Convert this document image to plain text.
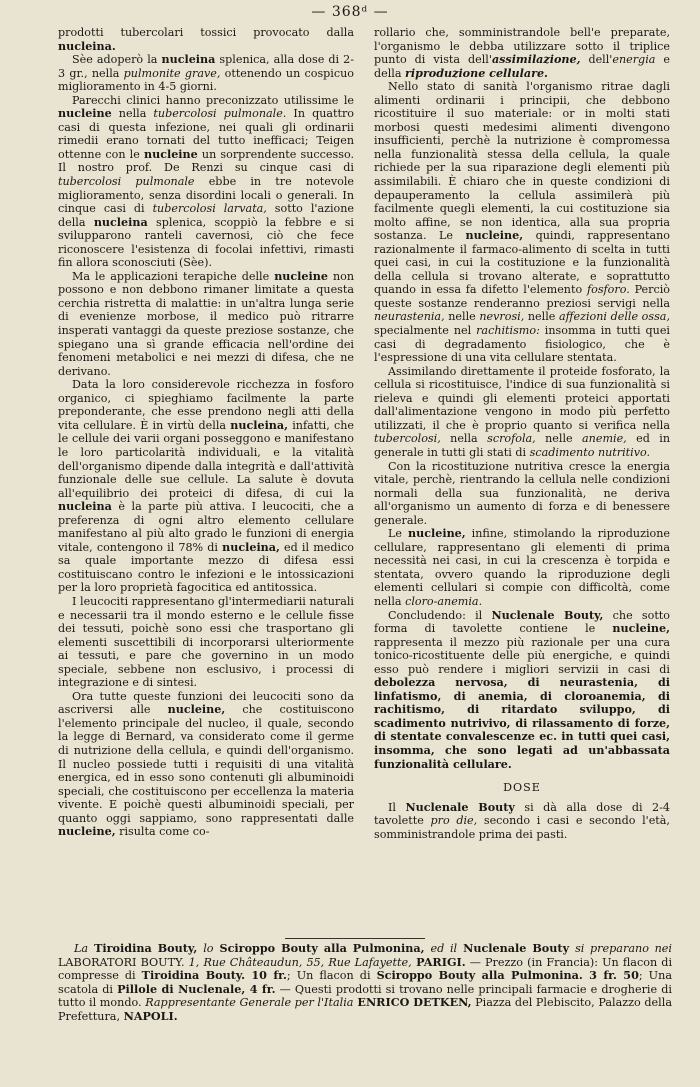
— 368ᵈ —

prodotti tubercolari tossici provocato dalla nucleina.

Sèe adoperò la nucleina splenica, alla dose di 2-3 gr., nella pulmonite grave, ottenendo un cospicuo miglioramento in 4-5 giorni.

Parecchi clinici hanno preconizzato utilissime le nucleine nella tubercolosi pulmonale. In quattro casi di questa infezione, nei quali gli ordinarii rimedii erano tornati del tutto inefficaci; Teigen ottenne con le nucleine un sorprendente successo. Il nostro prof. De Renzi su cinque casi di tubercolosi pulmonale ebbe in tre notevole miglioramento, senza disordini locali o generali. In cinque casi di tubercolosi larvata, sotto l'azione della nucleina splenica, scoppiò la febbre e si svilupparono ranteli cavernosi, ciò che fece riconoscere l'esistenza di focolai infettivi, rimasti fin allora sconosciuti (Sèe).

Ma le applicazioni terapiche delle nucleine non possono e non debbono rimaner limitate a questa cerchia ristretta di malattie: in un'altra lunga serie di evenienze morbose, il medico può ritrarre insperati vantaggi da queste preziose sostanze, che spiegano una sì grande efficacia nell'ordine dei fenomeni metabolici e nei mezzi di difesa, che ne derivano.

Data la loro considerevole ricchezza in fosforo organico, ci spieghiamo facilmente la parte preponderante, che esse prendono negli atti della vita cellulare. È in virtù della nucleina, infatti, che le cellule dei varii organi posseggono e manifestano le loro particolarità individuali, e la vitalità dell'organismo dipende dalla integrità e dall'attività funzionale delle sue cellule. La salute è dovuta all'equilibrio dei proteici di difesa, di cui la nucleina è la parte più attiva. I leucociti, che a preferenza di ogni altro elemento cellulare manifestano al più alto grado le funzioni di energia vitale, contengono il 78% di nucleina, ed il medico sa quale importante mezzo di difesa essi costituiscano contro le infezioni e le intossicazioni per la loro proprietà fagocitica ed antitossica.

I leucociti rappresentano gl'intermediarii naturali e necessarii tra il mondo esterno e le cellule fisse dei tessuti, poichè sono essi che trasportano gli elementi suscettibili di incorporarsi ulteriormente ai tessuti, e pare che governino in un modo speciale, sebbene non esclusivo, i processi di integrazione e di sintesi.

Ora tutte queste funzioni dei leucociti sono da ascriversi alle nucleine, che costituiscono l'elemento principale del nucleo, il quale, secondo la legge di Bernard, va considerato come il germe di nutrizione della cellula, e quindi dell'organismo. Il nucleo possiede tutti i requisiti di una vitalità energica, ed in esso sono contenuti gli albuminoidi speciali, che costituiscono per eccellenza la materia vivente. E poichè questi albuminoidi speciali, per quanto oggi sappiamo, sono rappresentati dalle nucleine, risulta come co-

rollario che, somministrandole bell'e preparate, l'organismo le debba utilizzare sotto il triplice punto di vista dell'assimilazione, dell'energia e della riproduzione cellulare.

Nello stato di sanità l'organismo ritrae dagli alimenti ordinarii i principii, che debbono ricostituire il suo materiale: or in molti stati morbosi questi medesimi alimenti divengono insufficienti, perchè la nutrizione è compromessa nella funzionalità stessa della cellula, la quale richiede per la sua riparazione degli elementi più assimilabili. È chiaro che in queste condizioni di depauperamento la cellula assimilerà più facilmente quegli elementi, la cui costituzione sia molto affine, se non identica, alla sua propria sostanza. Le nucleine, quindi, rappresentano razionalmente il farmaco-alimento di scelta in tutti quei casi, in cui la costituzione e la funzionalità della cellula si trovano alterate, e soprattutto quando in essa fa difetto l'elemento fosforo. Perciò queste sostanze renderanno preziosi servigi nella neurastenia, nelle nevrosi, nelle affezioni delle ossa, specialmente nel rachitismo: insomma in tutti quei casi di degradamento fisiologico, che è l'espressione di una vita cellulare stentata.

Assimilando direttamente il proteide fosforato, la cellula si ricostituisce, l'indice di sua funzionalità si rieleva e quindi gli elementi proteici apportati dall'alimentazione vengono in modo più perfetto utilizzati, il che è proprio quanto si verifica nella tubercolosi, nella scrofola, nelle anemie, ed in generale in tutti gli stati di scadimento nutritivo.

Con la ricostituzione nutritiva cresce la energia vitale, perchè, rientrando la cellula nelle condizioni normali della sua funzionalità, ne deriva all'organismo un aumento di forza e di benessere generale.

Le nucleine, infine, stimolando la riproduzione cellulare, rappresentano gli elementi di prima necessità nei casi, in cui la crescenza è torpida e stentata, ovvero quando la riproduzione degli elementi cellulari si compie con difficoltà, come nella cloro-anemia.

Concludendo: il Nuclenale Bouty, che sotto forma di tavolette contiene le nucleine, rappresenta il mezzo più razionale per una cura tonico-ricostituente delle più energiche, e quindi esso può rendere i migliori servizii in casi di debolezza nervosa, di neurastenia, di linfatismo, di anemia, di cloroanemia, di rachitismo, di ritardato sviluppo, di scadimento nutrivivo, di rilassamento di forze, di stentate convalescenze ec. in tutti quei casi, insomma, che sono legati ad un'abbassata funzionalità cellulare.

DOSE

Il Nuclenale Bouty si dà alla dose di 2-4 tavolette pro die, secondo i casi e secondo l'età, somministrandole prima dei pasti.

La Tiroidina Bouty, lo Sciroppo Bouty alla Pulmonina, ed il Nuclenale Bouty si preparano nei LABORATORI BOUTY. 1, Rue Châteaudun, 55, Rue Lafayette, PARIGI. — Prezzo (in Francia): Un flacon di compresse di Tiroidina Bouty. 10 fr.; Un flacon di Sciroppo Bouty alla Pulmonina. 3 fr. 50; Una scatola di Pillole di Nuclenale, 4 fr. — Questi prodotti si trovano nelle principali farmacie e drogherie di tutto il mondo. Rappresentante Generale per l'Italia ENRICO DETKEN, Piazza del Plebiscito, Palazzo della Prefettura, NAPOLI.
